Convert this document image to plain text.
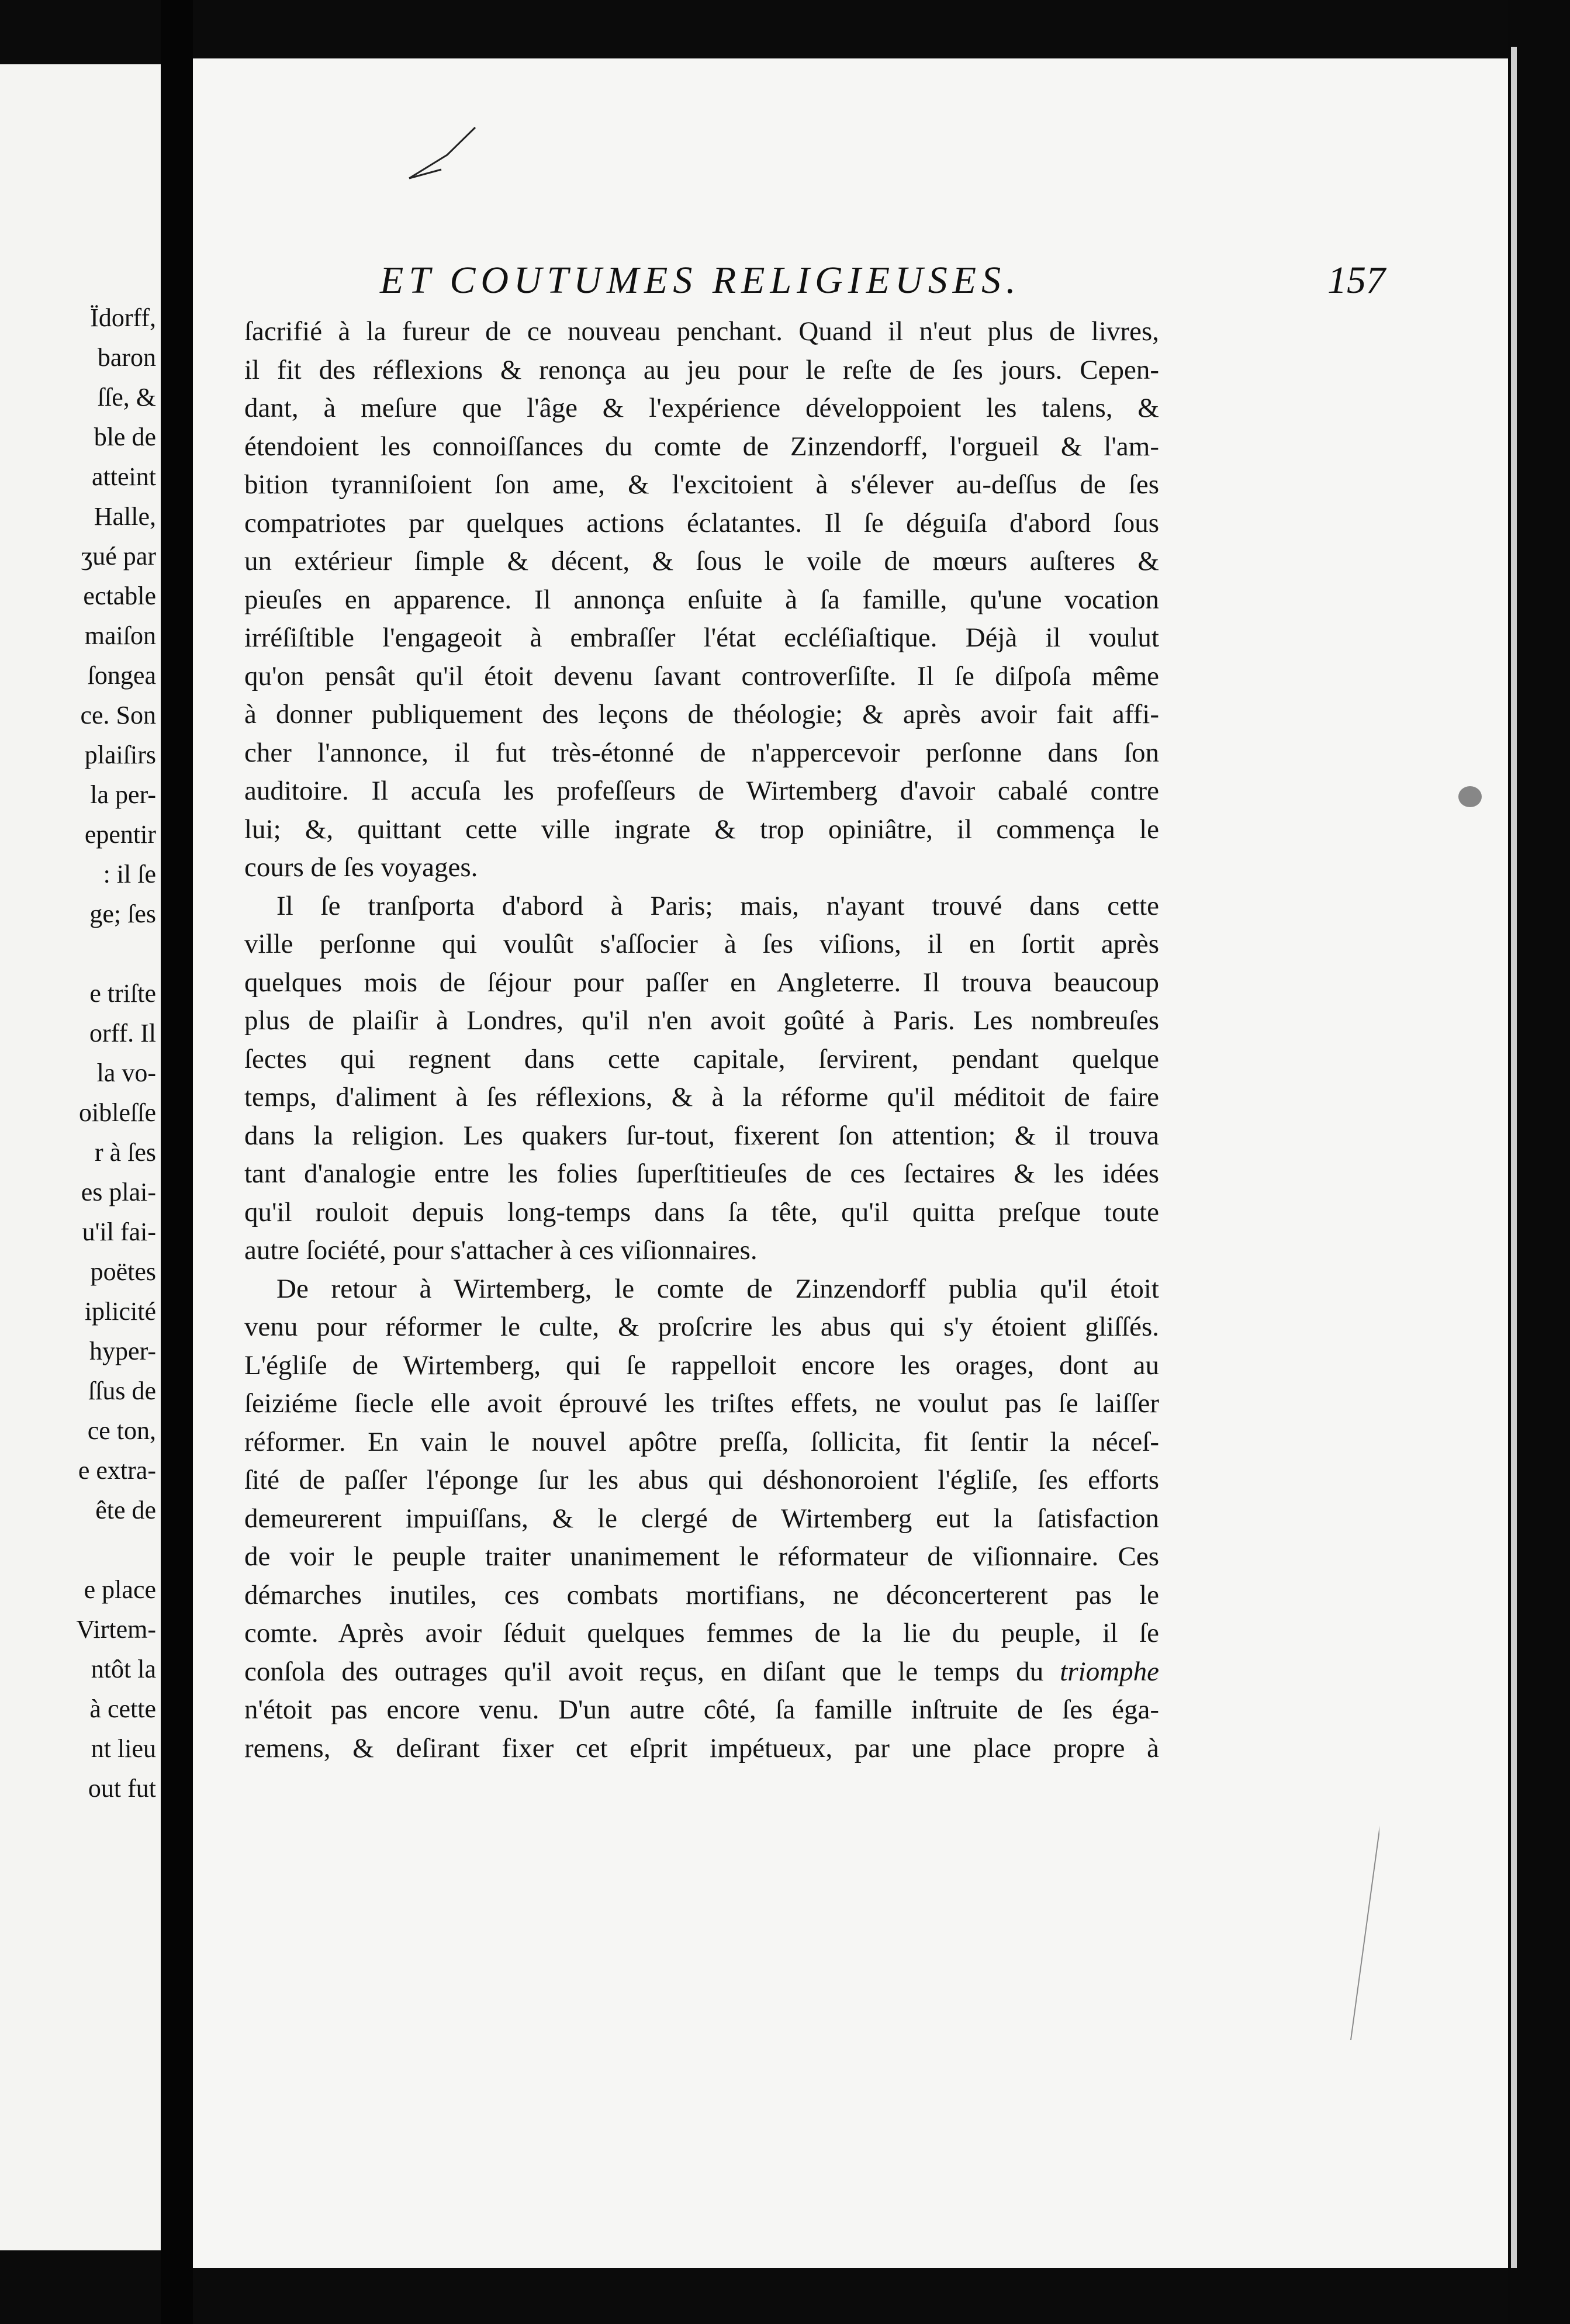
Ïdorff,
baron
ſſe, &
ble de
atteint
Halle,
ʒué par
ectable
maiſon
ſongea
ce. Son
plaiſirs
la per-
epentir
: il ſe
ge; ſes
e triſte
orff. Il
la vo-
oibleſſe
r à ſes
es plai-
u'il fai-
poëtes
iplicité
hyper-
ſſus de
ce ton,
e extra-
ête de
e place
Virtem-
ntôt la
à cette
nt lieu
out fut
ET COUTUMES RELIGIEUSES.	157
ſacrifié à la fureur de ce nouveau penchant. Quand il n'eut plus de livres,
il fit des réflexions & renonça au jeu pour le reſte de ſes jours. Cepen-
dant, à meſure que l'âge & l'expérience développoient les talens, &
étendoient les connoiſſances du comte de Zinzendorff, l'orgueil & l'am-
bition tyranniſoient ſon ame, & l'excitoient à s'élever au-deſſus de ſes
compatriotes par quelques actions éclatantes. Il ſe déguiſa d'abord ſous
un extérieur ſimple & décent, & ſous le voile de mœurs auſteres &
pieuſes en apparence. Il annonça enſuite à ſa famille, qu'une vocation
irréſiſtible l'engageoit à embraſſer l'état eccléſiaſtique. Déjà il voulut
qu'on pensât qu'il étoit devenu ſavant controverſiſte. Il ſe diſpoſa même
à donner publiquement des leçons de théologie; & après avoir fait affi-
cher l'annonce, il fut très-étonné de n'appercevoir perſonne dans ſon
auditoire. Il accuſa les profeſſeurs de Wirtemberg d'avoir cabalé contre
lui; &, quittant cette ville ingrate & trop opiniâtre, il commença le
cours de ſes voyages.
Il ſe tranſporta d'abord à Paris; mais, n'ayant trouvé dans cette
ville perſonne qui voulût s'aſſocier à ſes viſions, il en ſortit après
quelques mois de ſéjour pour paſſer en Angleterre. Il trouva beaucoup
plus de plaiſir à Londres, qu'il n'en avoit goûté à Paris. Les nombreuſes
ſectes qui regnent dans cette capitale, ſervirent, pendant quelque
temps, d'aliment à ſes réflexions, & à la réforme qu'il méditoit de faire
dans la religion. Les quakers ſur-tout, fixerent ſon attention; & il trouva
tant d'analogie entre les folies ſuperſtitieuſes de ces ſectaires & les idées
qu'il rouloit depuis long-temps dans ſa tête, qu'il quitta preſque toute
autre ſociété, pour s'attacher à ces viſionnaires.
De retour à Wirtemberg, le comte de Zinzendorff publia qu'il étoit
venu pour réformer le culte, & proſcrire les abus qui s'y étoient gliſſés.
L'égliſe de Wirtemberg, qui ſe rappelloit encore les orages, dont au
ſeiziéme ſiecle elle avoit éprouvé les triſtes effets, ne voulut pas ſe laiſſer
réformer. En vain le nouvel apôtre preſſa, ſollicita, fit ſentir la néceſ-
ſité de paſſer l'éponge ſur les abus qui déshonoroient l'égliſe, ſes efforts
demeurerent impuiſſans, & le clergé de Wirtemberg eut la ſatisfaction
de voir le peuple traiter unanimement le réformateur de viſionnaire. Ces
démarches inutiles, ces combats mortifians, ne déconcerterent pas le
comte. Après avoir ſéduit quelques femmes de la lie du peuple, il ſe
conſola des outrages qu'il avoit reçus, en diſant que le temps du triomphe
n'étoit pas encore venu. D'un autre côté, ſa famille inſtruite de ſes éga-
remens, & deſirant fixer cet eſprit impétueux, par une place propre à
